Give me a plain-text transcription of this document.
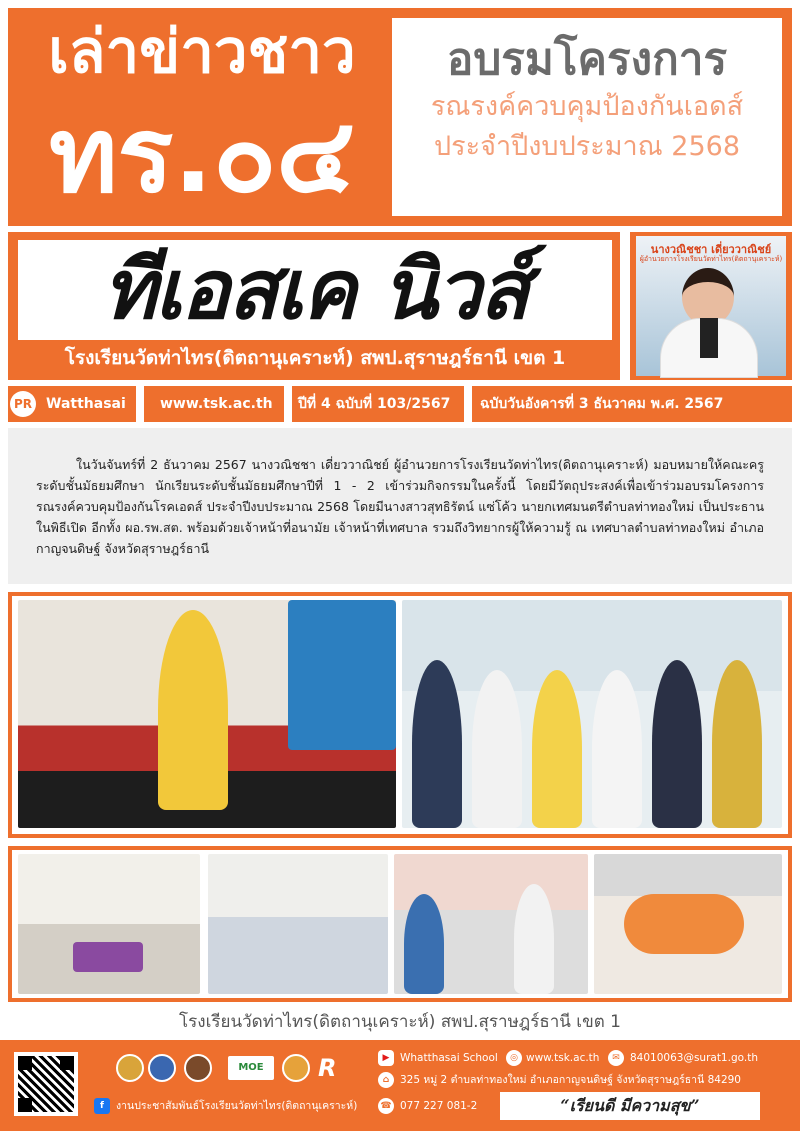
เล่าข่าวชาว
ทร.๐๔
อบรมโครงการ
รณรงค์ควบคุมป้องกันเอดส์
ประจำปีงบประมาณ 2568
ทีเอสเค นิวส์
โรงเรียนวัดท่าไทร(ดิตถานุเคราะห์) สพป.สุราษฎร์ธานี เขต 1
นางวณิชชา เดี่ยววาณิชย์
ผู้อำนวยการโรงเรียนวัดท่าไทร(ดิตถานุเคราะห์)
PR Watthasai www.tsk.ac.th ปีที่ 4 ฉบับที่ 103/2567 ฉบับวันอังคารที่ 3 ธันวาคม พ.ศ. 2567
ในวันจันทร์ที่ 2 ธันวาคม 2567 นางวณิชชา เดี่ยววาณิชย์ ผู้อำนวยการโรงเรียนวัดท่าไทร(ดิตถานุเคราะห์) มอบหมายให้คณะครูระดับชั้นมัธยมศึกษา นักเรียนระดับชั้นมัธยมศึกษาปีที่ 1 - 2 เข้าร่วมกิจกรรมในครั้งนี้ โดยมีวัตถุประสงค์เพื่อเข้าร่วมอบรมโครงการรณรงค์ควบคุมป้องกันโรคเอดส์ ประจำปีงบประมาณ 2568 โดยมีนางสาวสุทธิรัตน์ แซ่โค้ว นายกเทศมนตรีตำบลท่าทองใหม่ เป็นประธานในพิธีเปิด อีกทั้ง ผอ.รพ.สต. พร้อมด้วยเจ้าหน้าที่อนามัย เจ้าหน้าที่เทศบาล รวมถึงวิทยากรผู้ให้ความรู้ ณ เทศบาลตำบลท่าทองใหม่ อำเภอกาญจนดิษฐ์ จังหวัดสุราษฎร์ธานี
โรงเรียนวัดท่าไทร(ดิตถานุเคราะห์) สพป.สุราษฎร์ธานี เขต 1
MOE	R	▶	Whatthasai School	◎ www.tsk.ac.th	✉ 84010063@surat1.go.th
⌂	325 หมู่ 2 ตำบลท่าทองใหม่ อำเภอกาญจนดิษฐ์ จังหวัดสุราษฎร์ธานี 84290
f	งานประชาสัมพันธ์โรงเรียนวัดท่าไทร(ดิตถานุเคราะห์)	☎ 077 227 081-2	“เรียนดี มีความสุข”
